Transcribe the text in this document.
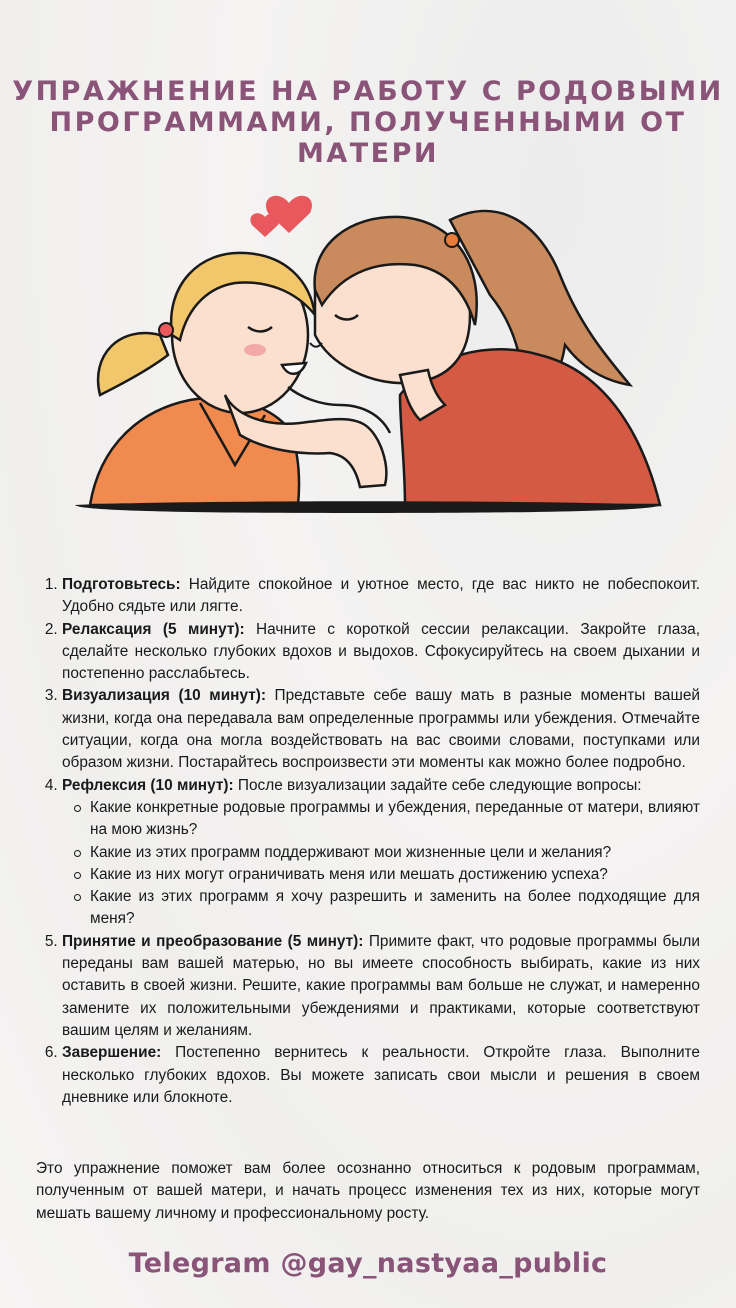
УПРАЖНЕНИЕ НА РАБОТУ С РОДОВЫМИ
ПРОГРАММАМИ, ПОЛУЧЕННЫМИ ОТ МАТЕРИ
1. Подготовьтесь: Найдите спокойное и уютное место, где вас никто не побеспокоит. Удобно сядьте или лягте.
2. Релаксация (5 минут): Начните с короткой сессии релаксации. Закройте глаза, сделайте несколько глубоких вдохов и выдохов. Сфокусируйтесь на своем дыхании и постепенно расслабьтесь.
3. Визуализация (10 минут): Представьте себе вашу мать в разные моменты вашей жизни, когда она передавала вам определенные программы или убеждения. Отмечайте ситуации, когда она могла воздействовать на вас своими словами, поступками или образом жизни. Постарайтесь воспроизвести эти моменты как можно более подробно.
4. Рефлексия (10 минут): После визуализации задайте себе следующие вопросы:
Какие конкретные родовые программы и убеждения, переданные от матери, влияют на мою жизнь?
Какие из этих программ поддерживают мои жизненные цели и желания?
Какие из них могут ограничивать меня или мешать достижению успеха?
Какие из этих программ я хочу разрешить и заменить на более подходящие для меня?
5. Принятие и преобразование (5 минут): Примите факт, что родовые программы были переданы вам вашей матерью, но вы имеете способность выбирать, какие из них оставить в своей жизни. Решите, какие программы вам больше не служат, и намеренно замените их положительными убеждениями и практиками, которые соответствуют вашим целям и желаниям.
6. Завершение: Постепенно вернитесь к реальности. Откройте глаза. Выполните несколько глубоких вдохов. Вы можете записать свои мысли и решения в своем дневнике или блокноте.

Это упражнение поможет вам более осознанно относиться к родовым программам, полученным от вашей матери, и начать процесс изменения тех из них, которые могут мешать вашему личному и профессиональному росту.

Telegram @gay_nastyaa_public
